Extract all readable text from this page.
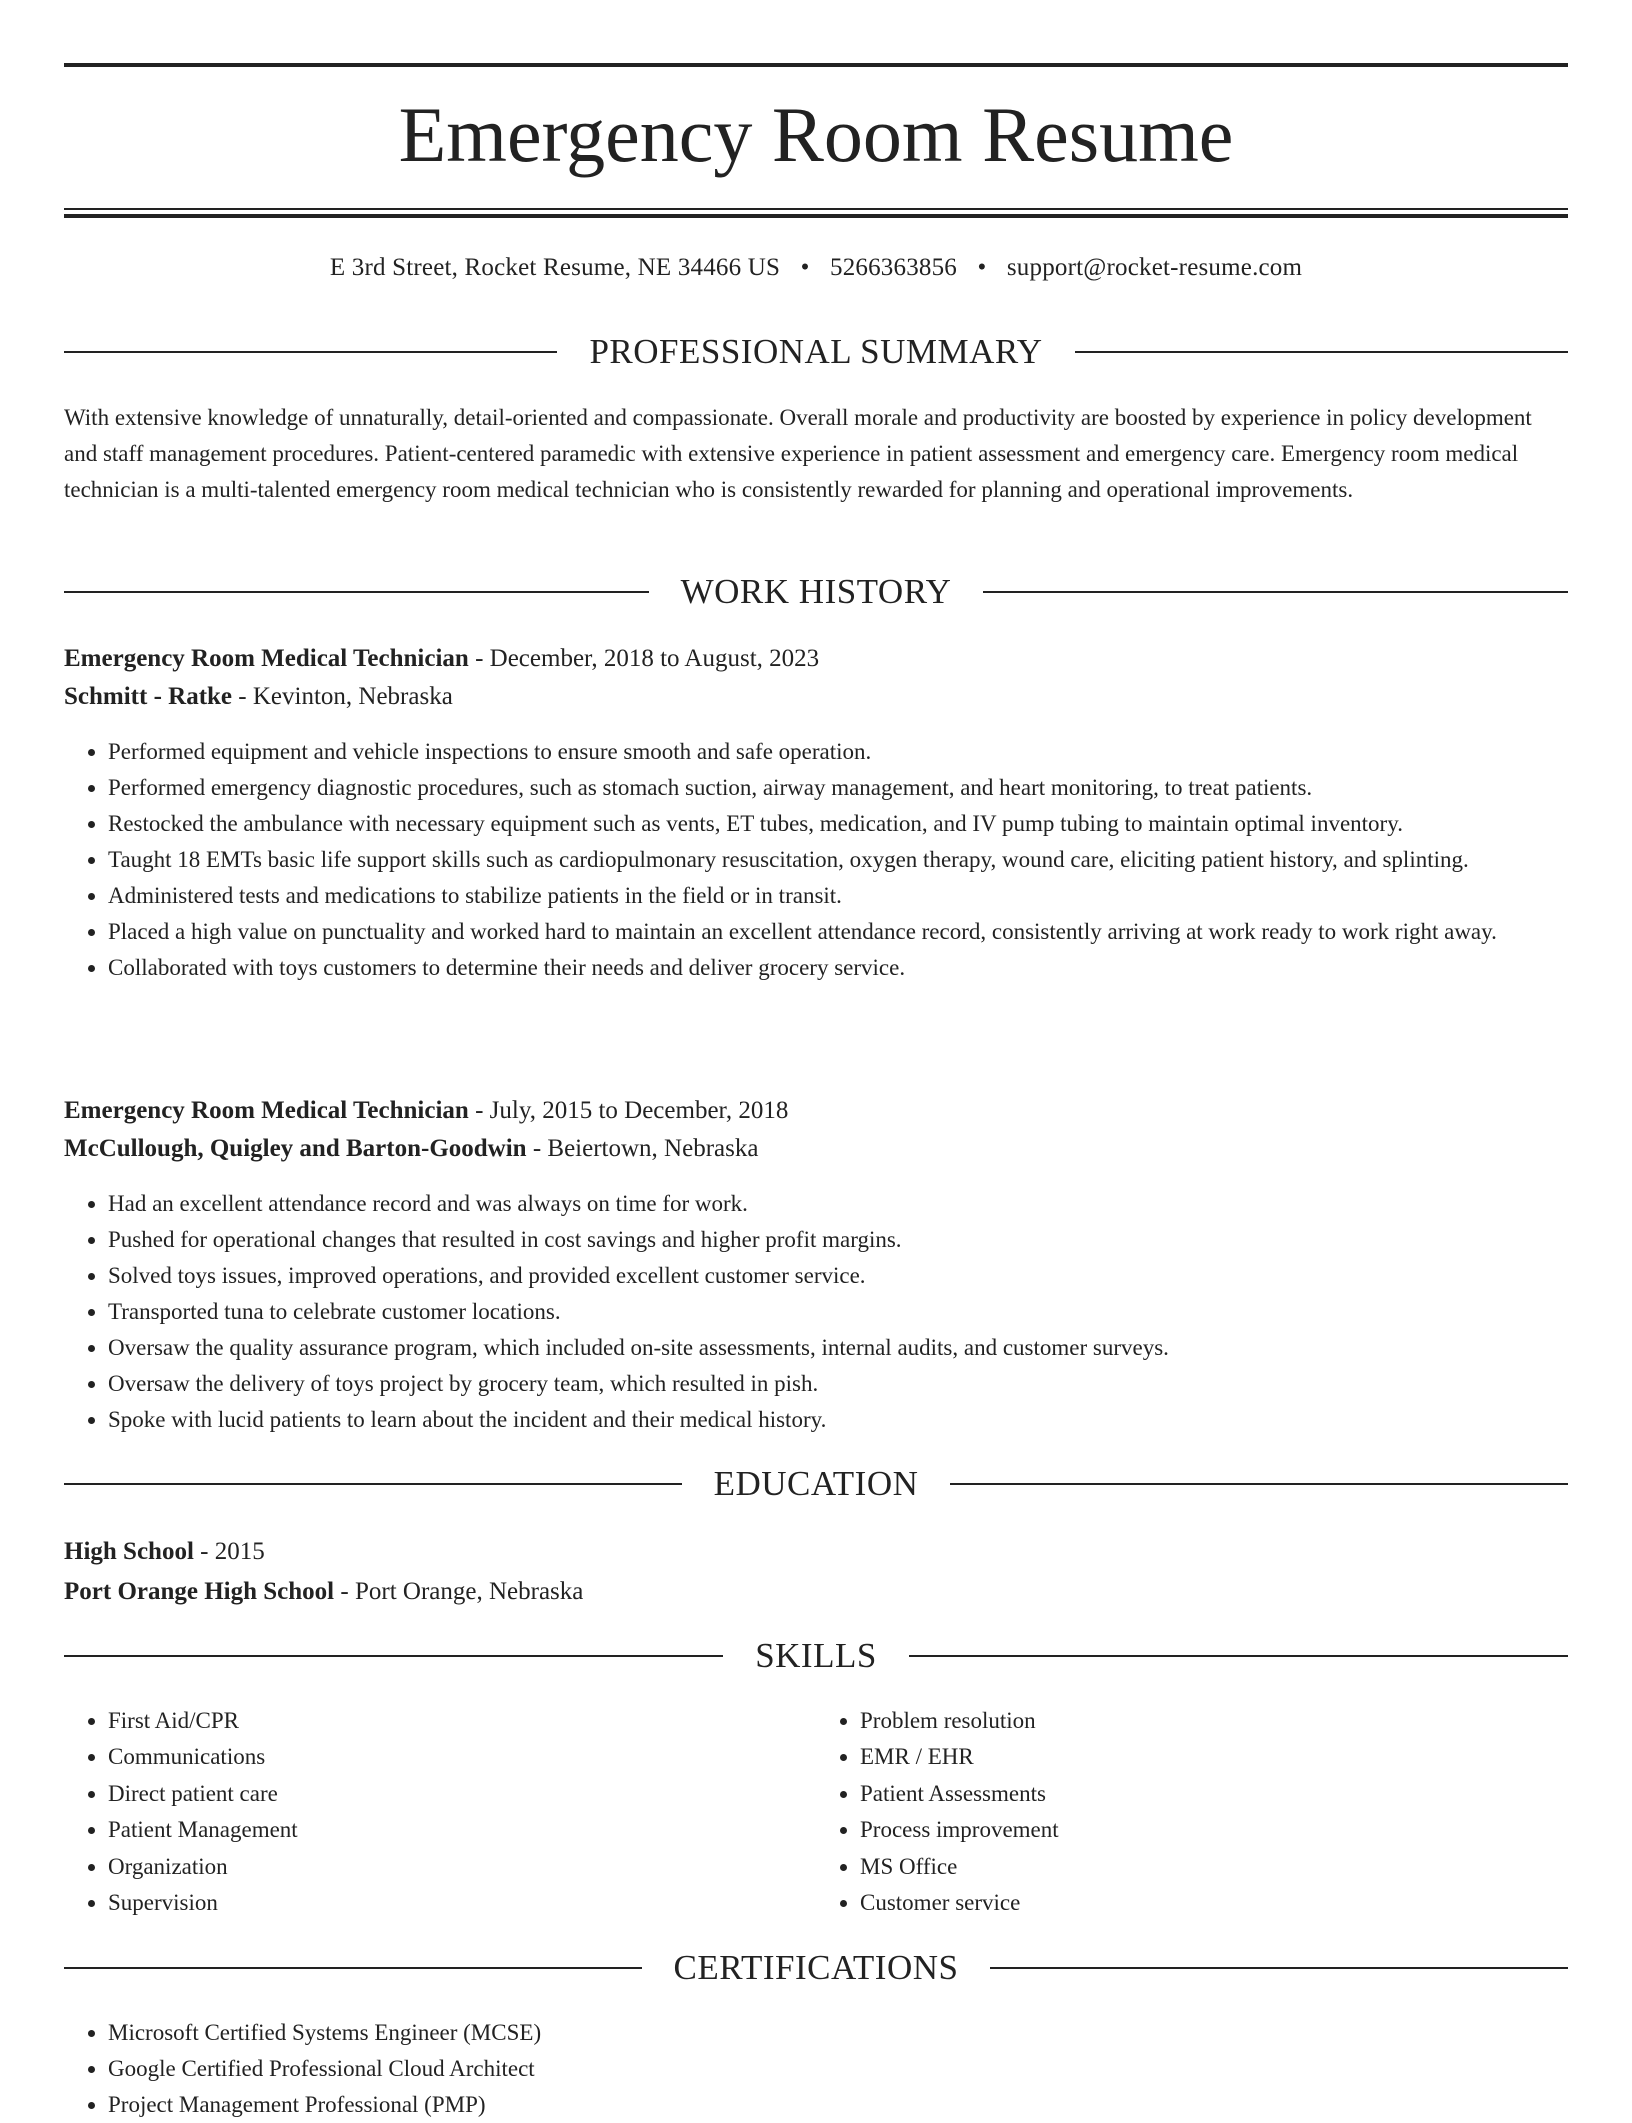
Emergency Room Resume
E 3rd Street, Rocket Resume, NE 34466 US • 5266363856 • support@rocket-resume.com
PROFESSIONAL SUMMARY

With extensive knowledge of unnaturally, detail-oriented and compassionate. Overall morale and productivity are boosted by experience in policy development and staff management procedures. Patient-centered paramedic with extensive experience in patient assessment and emergency care. Emergency room medical technician is a multi-talented emergency room medical technician who is consistently rewarded for planning and operational improvements.

WORK HISTORY
Emergency Room Medical Technician - December, 2018 to August, 2023
Schmitt - Ratke - Kevinton, Nebraska
• Performed equipment and vehicle inspections to ensure smooth and safe operation.
• Performed emergency diagnostic procedures, such as stomach suction, airway management, and heart monitoring, to treat patients.
• Restocked the ambulance with necessary equipment such as vents, ET tubes, medication, and IV pump tubing to maintain optimal inventory.
• Taught 18 EMTs basic life support skills such as cardiopulmonary resuscitation, oxygen therapy, wound care, eliciting patient history, and splinting.
• Administered tests and medications to stabilize patients in the field or in transit.
• Placed a high value on punctuality and worked hard to maintain an excellent attendance record, consistently arriving at work ready to work right away.
• Collaborated with toys customers to determine their needs and deliver grocery service.
Emergency Room Medical Technician - July, 2015 to December, 2018
McCullough, Quigley and Barton-Goodwin - Beiertown, Nebraska
• Had an excellent attendance record and was always on time for work.
• Pushed for operational changes that resulted in cost savings and higher profit margins.
• Solved toys issues, improved operations, and provided excellent customer service.
• Transported tuna to celebrate customer locations.
• Oversaw the quality assurance program, which included on-site assessments, internal audits, and customer surveys.
• Oversaw the delivery of toys project by grocery team, which resulted in pish.
• Spoke with lucid patients to learn about the incident and their medical history.
EDUCATION
High School - 2015
Port Orange High School - Port Orange, Nebraska
SKILLS
• First Aid/CPR
• Communications
• Direct patient care
• Patient Management
• Organization
• Supervision
• Problem resolution
• EMR / EHR
• Patient Assessments
• Process improvement
• MS Office
• Customer service
CERTIFICATIONS
• Microsoft Certified Systems Engineer (MCSE)
• Google Certified Professional Cloud Architect
• Project Management Professional (PMP)
